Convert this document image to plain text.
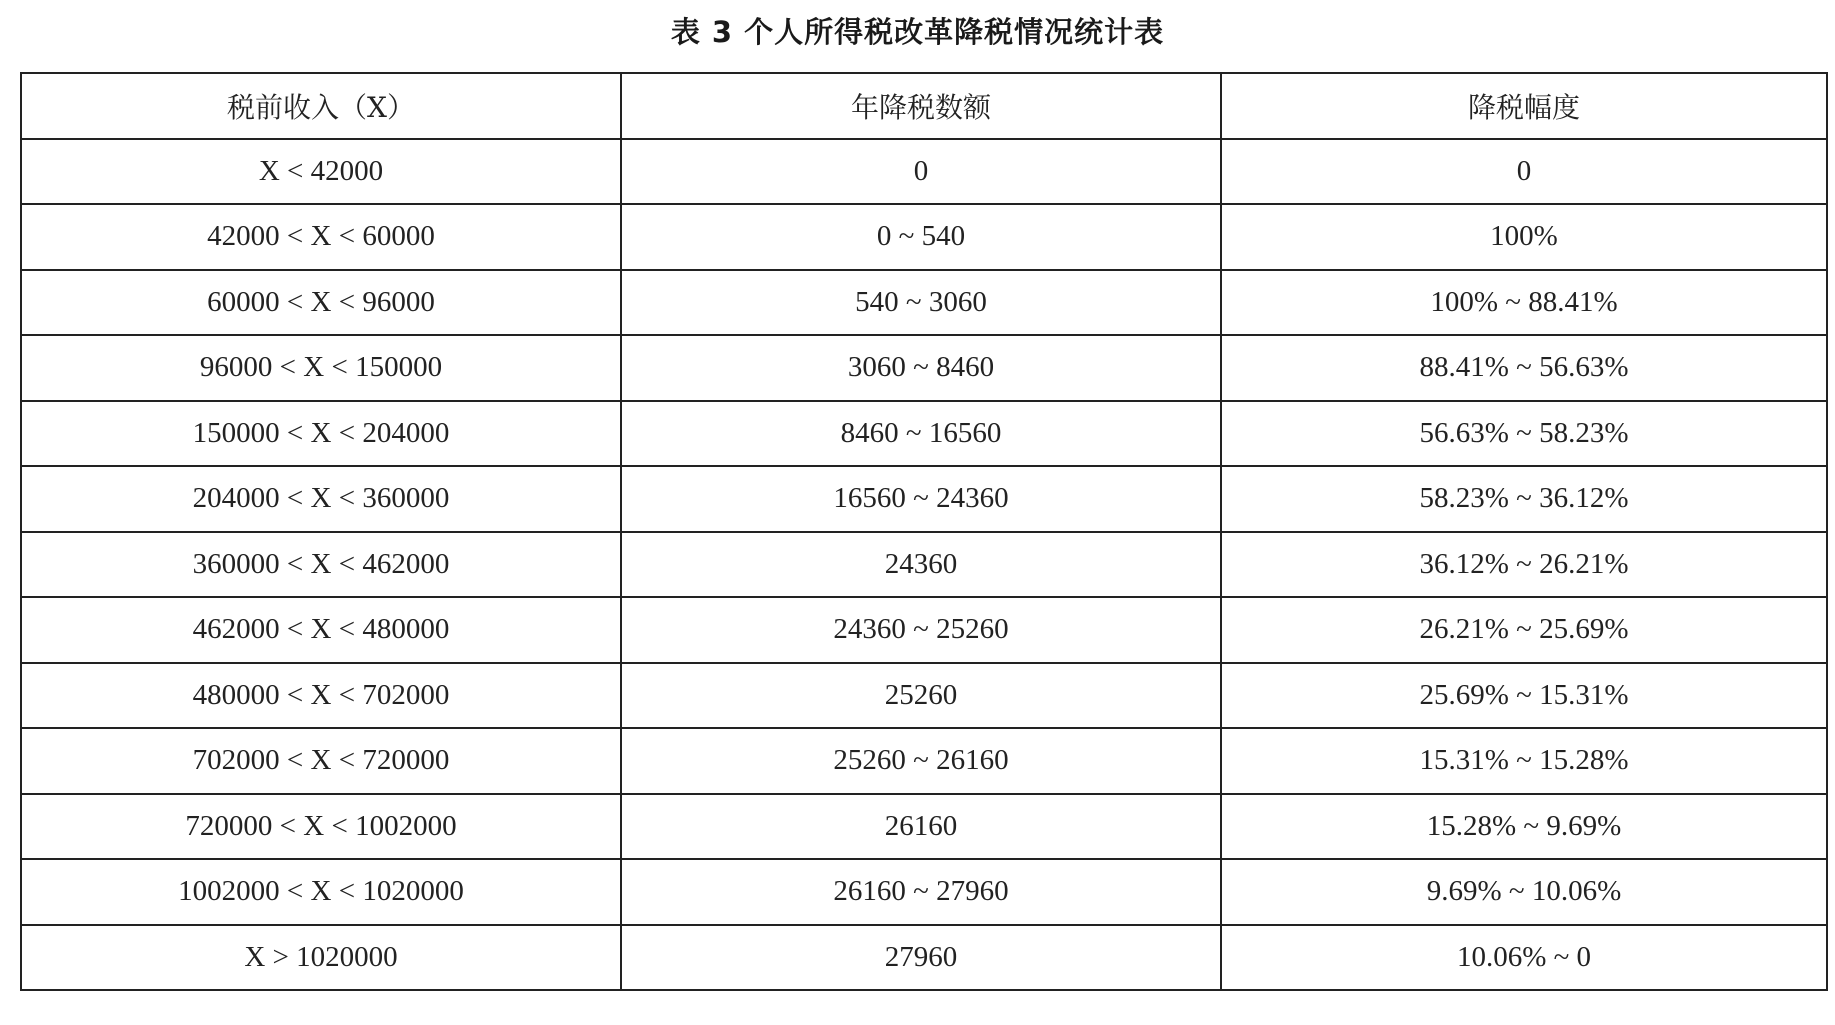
表 3 个人所得税改革降税情况统计表
税前收入（X）	年降税数额	降税幅度
X < 42000	0	0
42000 < X < 60000	0 ~ 540	100%
60000 < X < 96000	540 ~ 3060	100% ~ 88.41%
96000 < X < 150000	3060 ~ 8460	88.41% ~ 56.63%
150000 < X < 204000	8460 ~ 16560	56.63% ~ 58.23%
204000 < X < 360000	16560 ~ 24360	58.23% ~ 36.12%
360000 < X < 462000	24360	36.12% ~ 26.21%
462000 < X < 480000	24360 ~ 25260	26.21% ~ 25.69%
480000 < X < 702000	25260	25.69% ~ 15.31%
702000 < X < 720000	25260 ~ 26160	15.31% ~ 15.28%
720000 < X < 1002000	26160	15.28% ~ 9.69%
1002000 < X < 1020000	26160 ~ 27960	9.69% ~ 10.06%
X > 1020000	27960	10.06% ~ 0
